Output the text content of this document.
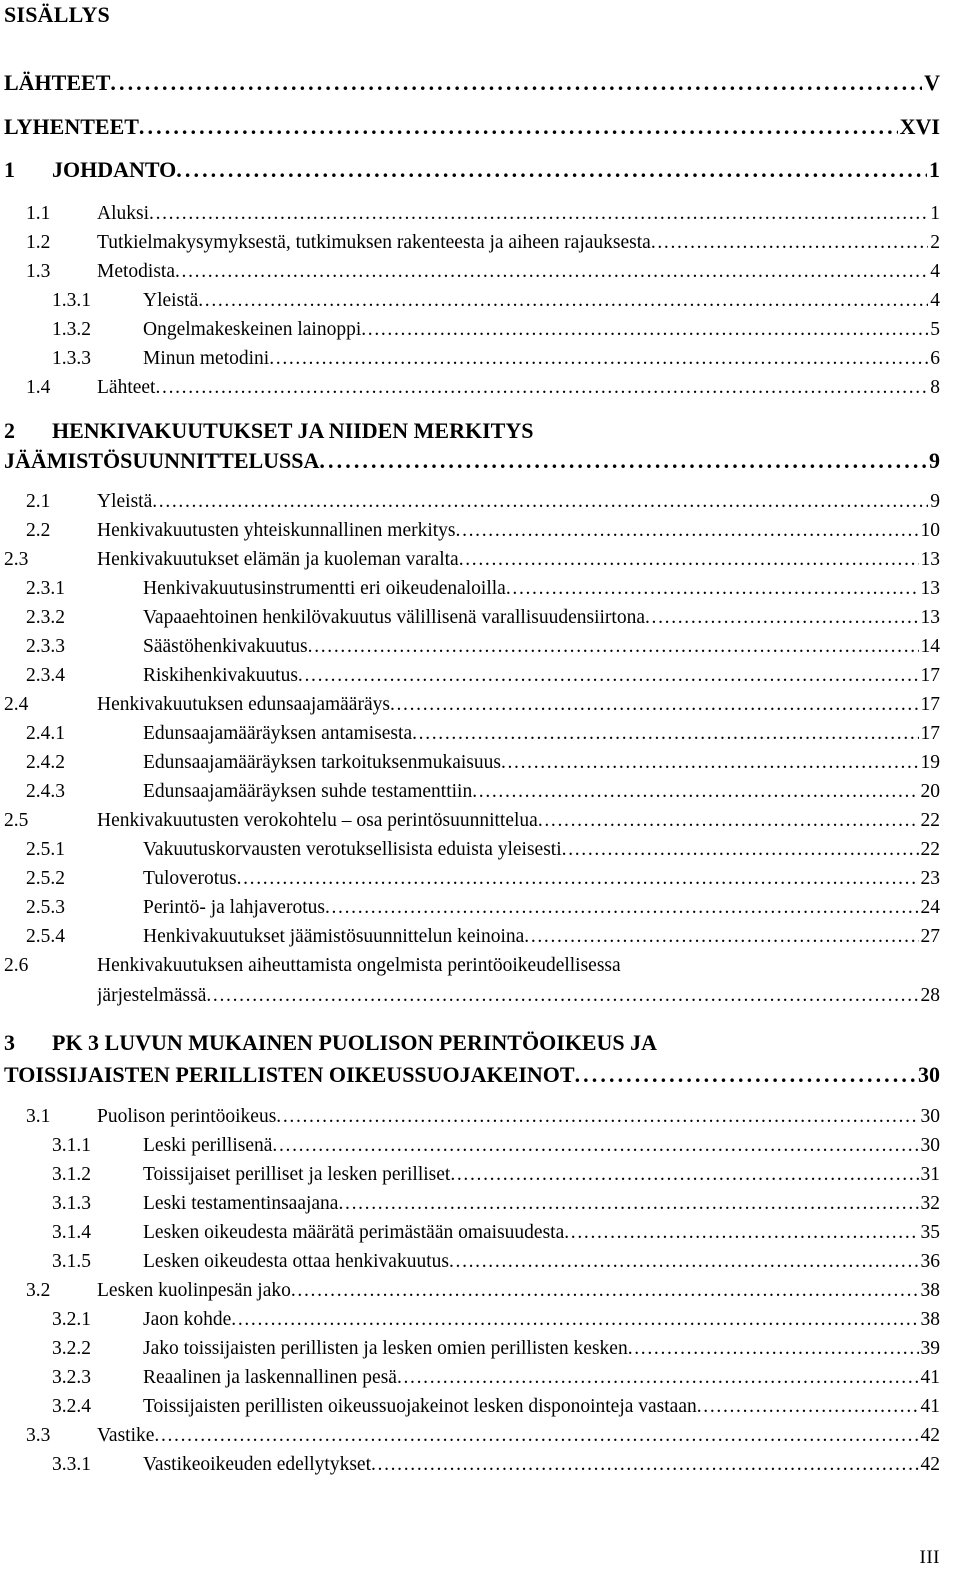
SISÄLLYS
LÄHTEET . . .	V
LYHENTEET . . .	XVI
1	JOHDANTO . . .	1
1.1	Aluksi . . .	1
1.2	Tutkielmakysymyksestä, tutkimuksen rakenteesta ja aiheen rajauksesta . . .	2
1.3	Metodista . . .	4
1.3.1	Yleistä . . .	4
1.3.2	Ongelmakeskeinen lainoppi . . .	5
1.3.3	Minun metodini . . .	6
1.4	Lähteet . . .	8
2	HENKIVAKUUTUKSET JA NIIDEN MERKITYS
JÄÄMISTÖSUUNNITTELUSSA . . .	9
2.1	Yleistä . . .	9
2.2	Henkivakuutusten yhteiskunnallinen merkitys . . .	10
2.3	Henkivakuutukset elämän ja kuoleman varalta . . .	13
2.3.1	Henkivakuutusinstrumentti eri oikeudenaloilla . . .	13
2.3.2	Vapaaehtoinen henkilövakuutus välillisenä varallisuudensiirtona . . .	13
2.3.3	Säästöhenkivakuutus . . .	14
2.3.4	Riskihenkivakuutus . . .	17
2.4	Henkivakuutuksen edunsaajamääräys . . .	17
2.4.1	Edunsaajamääräyksen antamisesta . . .	17
2.4.2	Edunsaajamääräyksen tarkoituksenmukaisuus . . .	19
2.4.3	Edunsaajamääräyksen suhde testamenttiin . . .	20
2.5	Henkivakuutusten verokohtelu – osa perintösuunnittelua . . .	22
2.5.1	Vakuutuskorvausten verotuksellisista eduista yleisesti . . .	22
2.5.2	Tuloverotus . . .	23
2.5.3	Perintö- ja lahjaverotus . . .	24
2.5.4	Henkivakuutukset jäämistösuunnittelun keinoina . . .	27
2.6	Henkivakuutuksen aiheuttamista ongelmista perintöoikeudellisessa
järjestelmässä . . .	28
3	PK 3 LUVUN MUKAINEN PUOLISON PERINTÖOIKEUS JA
TOISSIJAISTEN PERILLISTEN OIKEUSSUOJAKEINOT . . .	30
3.1	Puolison perintöoikeus . . .	30
3.1.1	Leski perillisenä . . .	30
3.1.2	Toissijaiset perilliset ja lesken perilliset . . .	31
3.1.3	Leski testamentinsaajana . . .	32
3.1.4	Lesken oikeudesta määrätä perimästään omaisuudesta . . .	35
3.1.5	Lesken oikeudesta ottaa henkivakuutus . . .	36
3.2	Lesken kuolinpesän jako . . .	38
3.2.1	Jaon kohde . . .	38
3.2.2	Jako toissijaisten perillisten ja lesken omien perillisten kesken . . .	39
3.2.3	Reaalinen ja laskennallinen pesä . . .	41
3.2.4	Toissijaisten perillisten oikeussuojakeinot lesken disponointeja vastaan . . .	41
3.3	Vastike . . .	42
3.3.1	Vastikeoikeuden edellytykset . . .	42
III
